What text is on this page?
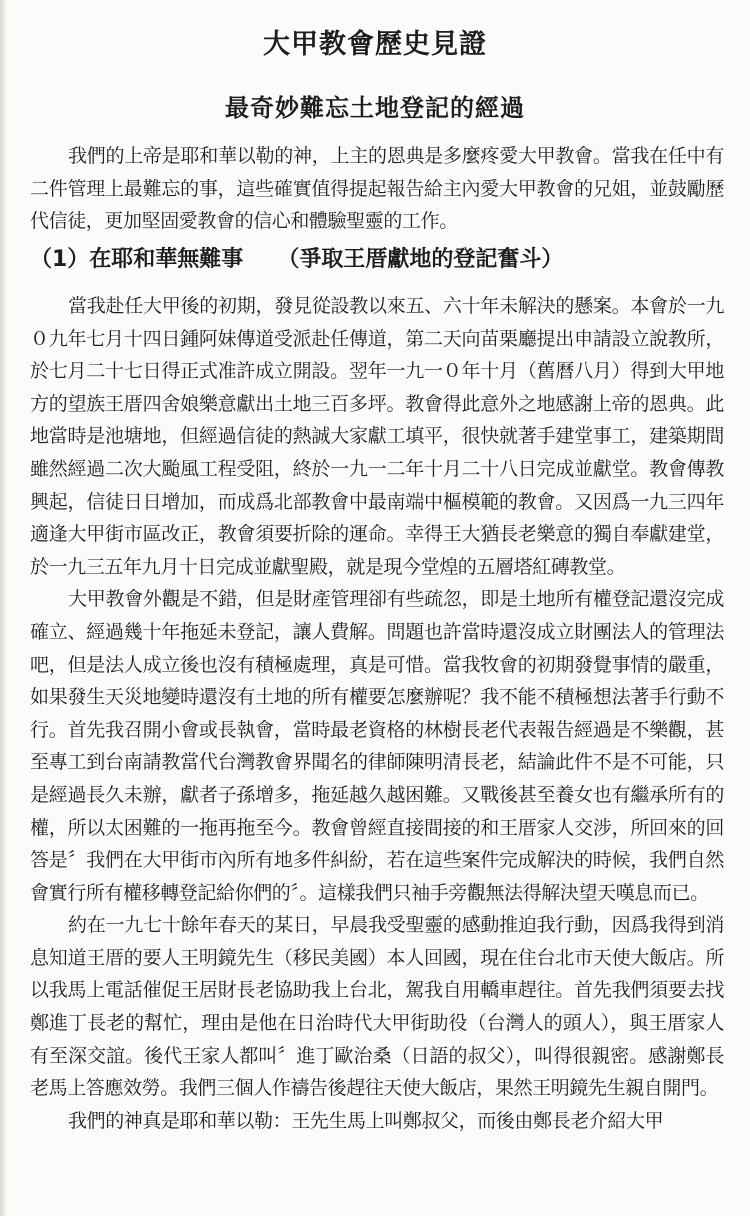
大甲教會歷史見證
最奇妙難忘土地登記的經過

我們的上帝是耶和華以勒的神，上主的恩典是多麼疼愛大甲教會。當我在任中有二件管理上最難忘的事，這些確實值得提起報告給主內愛大甲教會的兄姐，並鼓勵歷代信徒，更加堅固愛教會的信心和體驗聖靈的工作。

（1）在耶和華無難事 （爭取王厝獻地的登記奮斗）

當我赴任大甲後的初期，發見從設教以來五、六十年未解決的懸案。本會於一九０九年七月十四日鍾阿妹傳道受派赴任傳道，第二天向苗栗廳提出申請設立說教所，於七月二十七日得正式准許成立開設。翌年一九一０年十月（舊曆八月）得到大甲地方的望族王厝四舍娘樂意獻出土地三百多坪。教會得此意外之地感謝上帝的恩典。此地當時是池塘地，但經過信徒的熱誠大家獻工填平，很快就著手建堂事工，建築期間雖然經過二次大颱風工程受阻，終於一九一二年十月二十八日完成並獻堂。教會傳教興起，信徒日日增加，而成爲北部教會中最南端中樞模範的教會。又因爲一九三四年適逢大甲街市區改正，教會須要折除的運命。幸得王大猶長老樂意的獨自奉獻建堂，於一九三五年九月十日完成並獻聖殿，就是現今堂煌的五層塔紅磚教堂。

大甲教會外觀是不錯，但是財產管理卻有些疏忽，即是土地所有權登記還沒完成確立、經過幾十年拖延未登記，讓人費解。問題也許當時還沒成立財團法人的管理法吧，但是法人成立後也沒有積極處理，真是可惜。當我牧會的初期發覺事情的嚴重，如果發生天災地變時還沒有土地的所有權要怎麼辦呢？我不能不積極想法著手行動不行。首先我召開小會或長執會，當時最老資格的林樹長老代表報告經過是不樂觀，甚至專工到台南請教當代台灣教會界聞名的律師陳明清長老，結論此件不是不可能，只是經過長久未辦，獻者子孫增多，拖延越久越困難。又戰後甚至養女也有繼承所有的權，所以太困難的一拖再拖至今。教會曾經直接間接的和王厝家人交涉，所回來的回答是〞我們在大甲街市內所有地多件糾紛，若在這些案件完成解決的時候，我們自然會實行所有權移轉登記給你們的〞。這樣我們只袖手旁觀無法得解決望天嘆息而已。

約在一九七十餘年春天的某日，早晨我受聖靈的感動推迫我行動，因爲我得到消息知道王厝的要人王明鏡先生（移民美國）本人回國，現在住台北市天使大飯店。所以我馬上電話催促王居財長老協助我上台北，駕我自用轎車趕往。首先我們須要去找鄭進丁長老的幫忙，理由是他在日治時代大甲街助役（台灣人的頭人），與王厝家人有至深交誼。後代王家人都叫〞進丁歐治桑（日語的叔父），叫得很親密。感謝鄭長老馬上答應效勞。我們三個人作禱告後趕往天使大飯店，果然王明鏡先生親自開門。

我們的神真是耶和華以勒：王先生馬上叫鄭叔父，而後由鄭長老介紹大甲
